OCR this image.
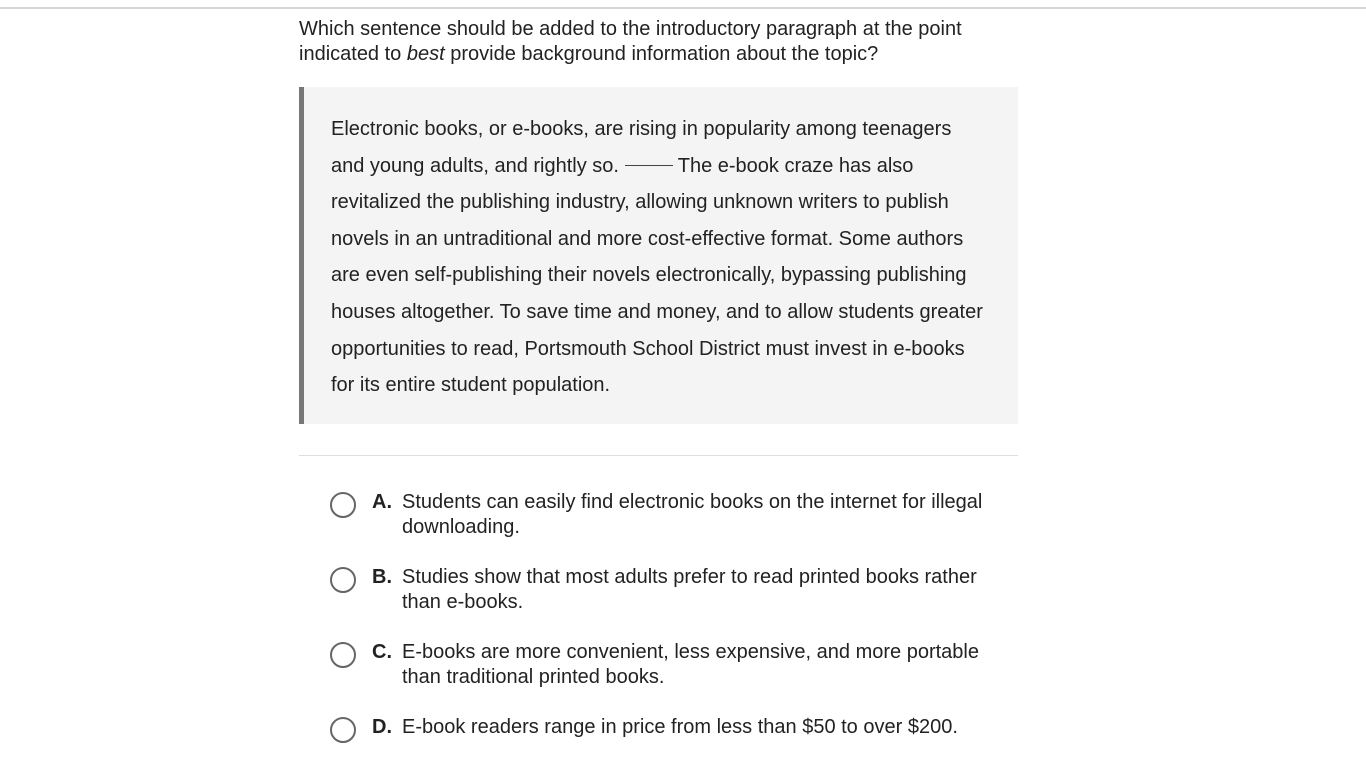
Which sentence should be added to the introductory paragraph at the point indicated to best provide background information about the topic?

Electronic books, or e-books, are rising in popularity among teenagers and young adults, and rightly so.  The e-book craze has also revitalized the publishing industry, allowing unknown writers to publish novels in an untraditional and more cost-effective format. Some authors are even self-publishing their novels electronically, bypassing publishing houses altogether. To save time and money, and to allow students greater opportunities to read, Portsmouth School District must invest in e-books for its entire student population.
A. Students can easily find electronic books on the internet for illegal downloading.
B. Studies show that most adults prefer to read printed books rather than e-books.
C. E-books are more convenient, less expensive, and more portable than traditional printed books.
D. E-book readers range in price from less than $50 to over $200.
